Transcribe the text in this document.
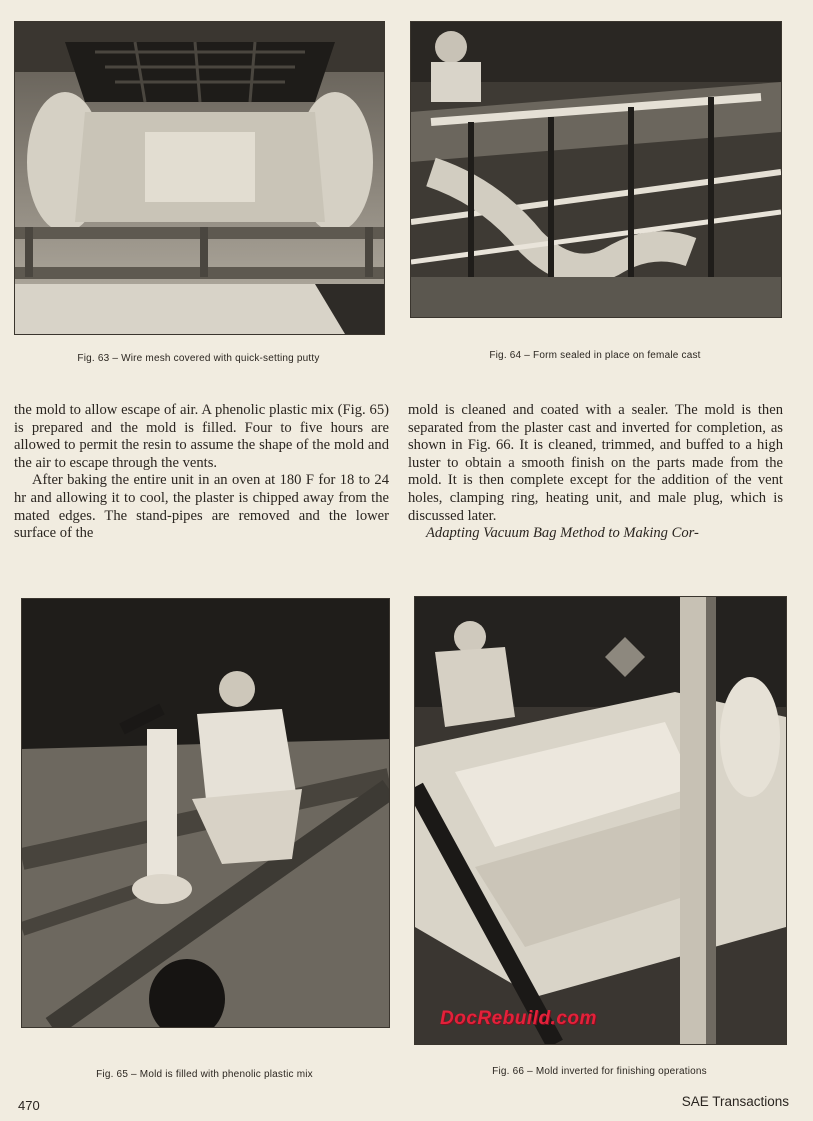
Fig. 63 – Wire mesh covered with quick-setting putty	Fig. 64 – Form sealed in place on female cast

the mold to allow escape of air. A phenolic plastic mix (Fig. 65) is prepared and the mold is filled. Four to five hours are allowed to permit the resin to assume the shape of the mold and the air to escape through the vents.

After baking the entire unit in an oven at 180 F for 18 to 24 hr and allowing it to cool, the plaster is chipped away from the mated edges. The stand-pipes are removed and the lower surface of the

mold is cleaned and coated with a sealer. The mold is then separated from the plaster cast and inverted for completion, as shown in Fig. 66. It is cleaned, trimmed, and buffed to a high luster to obtain a smooth finish on the parts made from the mold. It is then complete except for the addition of the vent holes, clamping ring, heating unit, and male plug, which is discussed later.

Adapting Vacuum Bag Method to Making Cor-

Fig. 65 – Mold is filled with phenolic plastic mix
DocRebuild.com
Fig. 66 – Mold inverted for finishing operations
470	SAE Transactions
